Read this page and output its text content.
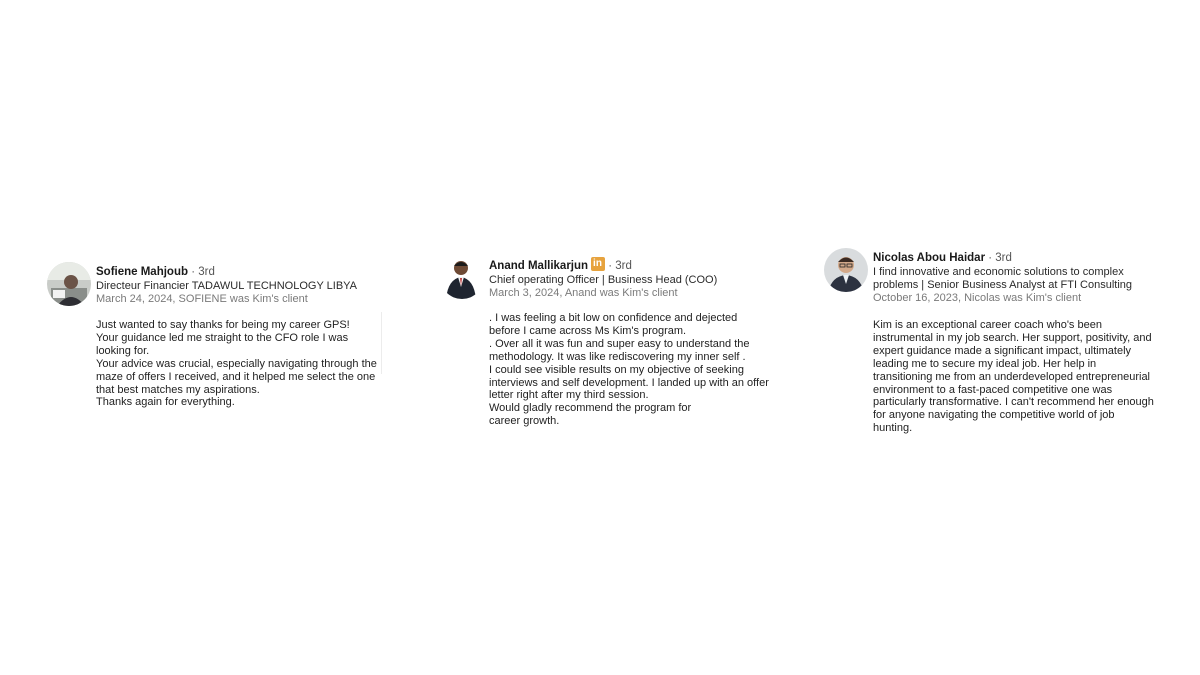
Sofiene Mahjoub · 3rd
Directeur Financier TADAWUL TECHNOLOGY LIBYA
March 24, 2024, SOFIENE was Kim's client
Just wanted to say thanks for being my career GPS!
Your guidance led me straight to the CFO role I was looking for.
Your advice was crucial, especially navigating through the maze of offers I received, and it helped me select the one that best matches my aspirations.
Thanks again for everything.
Anand Mallikarjun in · 3rd
Chief operating Officer | Business Head (COO)
March 3, 2024, Anand was Kim's client
. I was feeling a bit low on confidence and dejected before I came across Ms Kim's program.
. Over all it was fun and super easy to understand the methodology. It was like rediscovering my inner self .
I could see visible results on my objective of seeking interviews and self development. I landed up with an offer letter right after my third session.
Would gladly recommend the program for
career growth.
Nicolas Abou Haidar · 3rd
I find innovative and economic solutions to complex problems | Senior Business Analyst at FTI Consulting
October 16, 2023, Nicolas was Kim's client
Kim is an exceptional career coach who's been instrumental in my job search. Her support, positivity, and expert guidance made a significant impact, ultimately leading me to secure my ideal job. Her help in transitioning me from an underdeveloped entrepreneurial environment to a fast-paced competitive one was particularly transformative. I can't recommend her enough for anyone navigating the competitive world of job hunting.
